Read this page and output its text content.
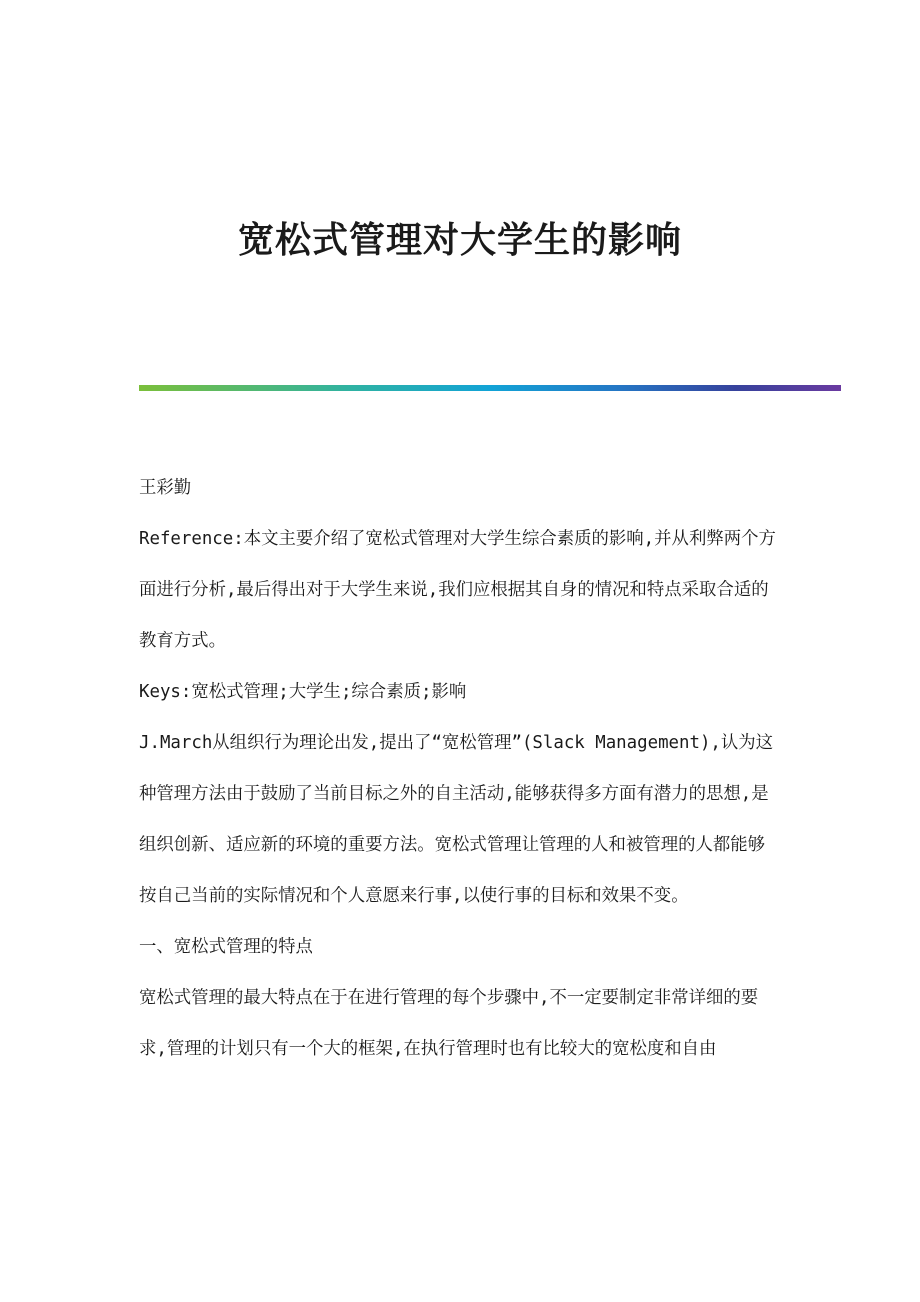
宽松式管理对大学生的影响

王彩勤

Reference:本文主要介绍了宽松式管理对大学生综合素质的影响,并从利弊两个方面进行分析,最后得出对于大学生来说,我们应根据其自身的情况和特点采取合适的教育方式。

Keys:宽松式管理;大学生;综合素质;影响

J.March从组织行为理论出发,提出了“宽松管理”(Slack Management),认为这种管理方法由于鼓励了当前目标之外的自主活动,能够获得多方面有潜力的思想,是组织创新、适应新的环境的重要方法。宽松式管理让管理的人和被管理的人都能够按自己当前的实际情况和个人意愿来行事,以使行事的目标和效果不变。

一、宽松式管理的特点

宽松式管理的最大特点在于在进行管理的每个步骤中,不一定要制定非常详细的要求,管理的计划只有一个大的框架,在执行管理时也有比较大的宽松度和自由
